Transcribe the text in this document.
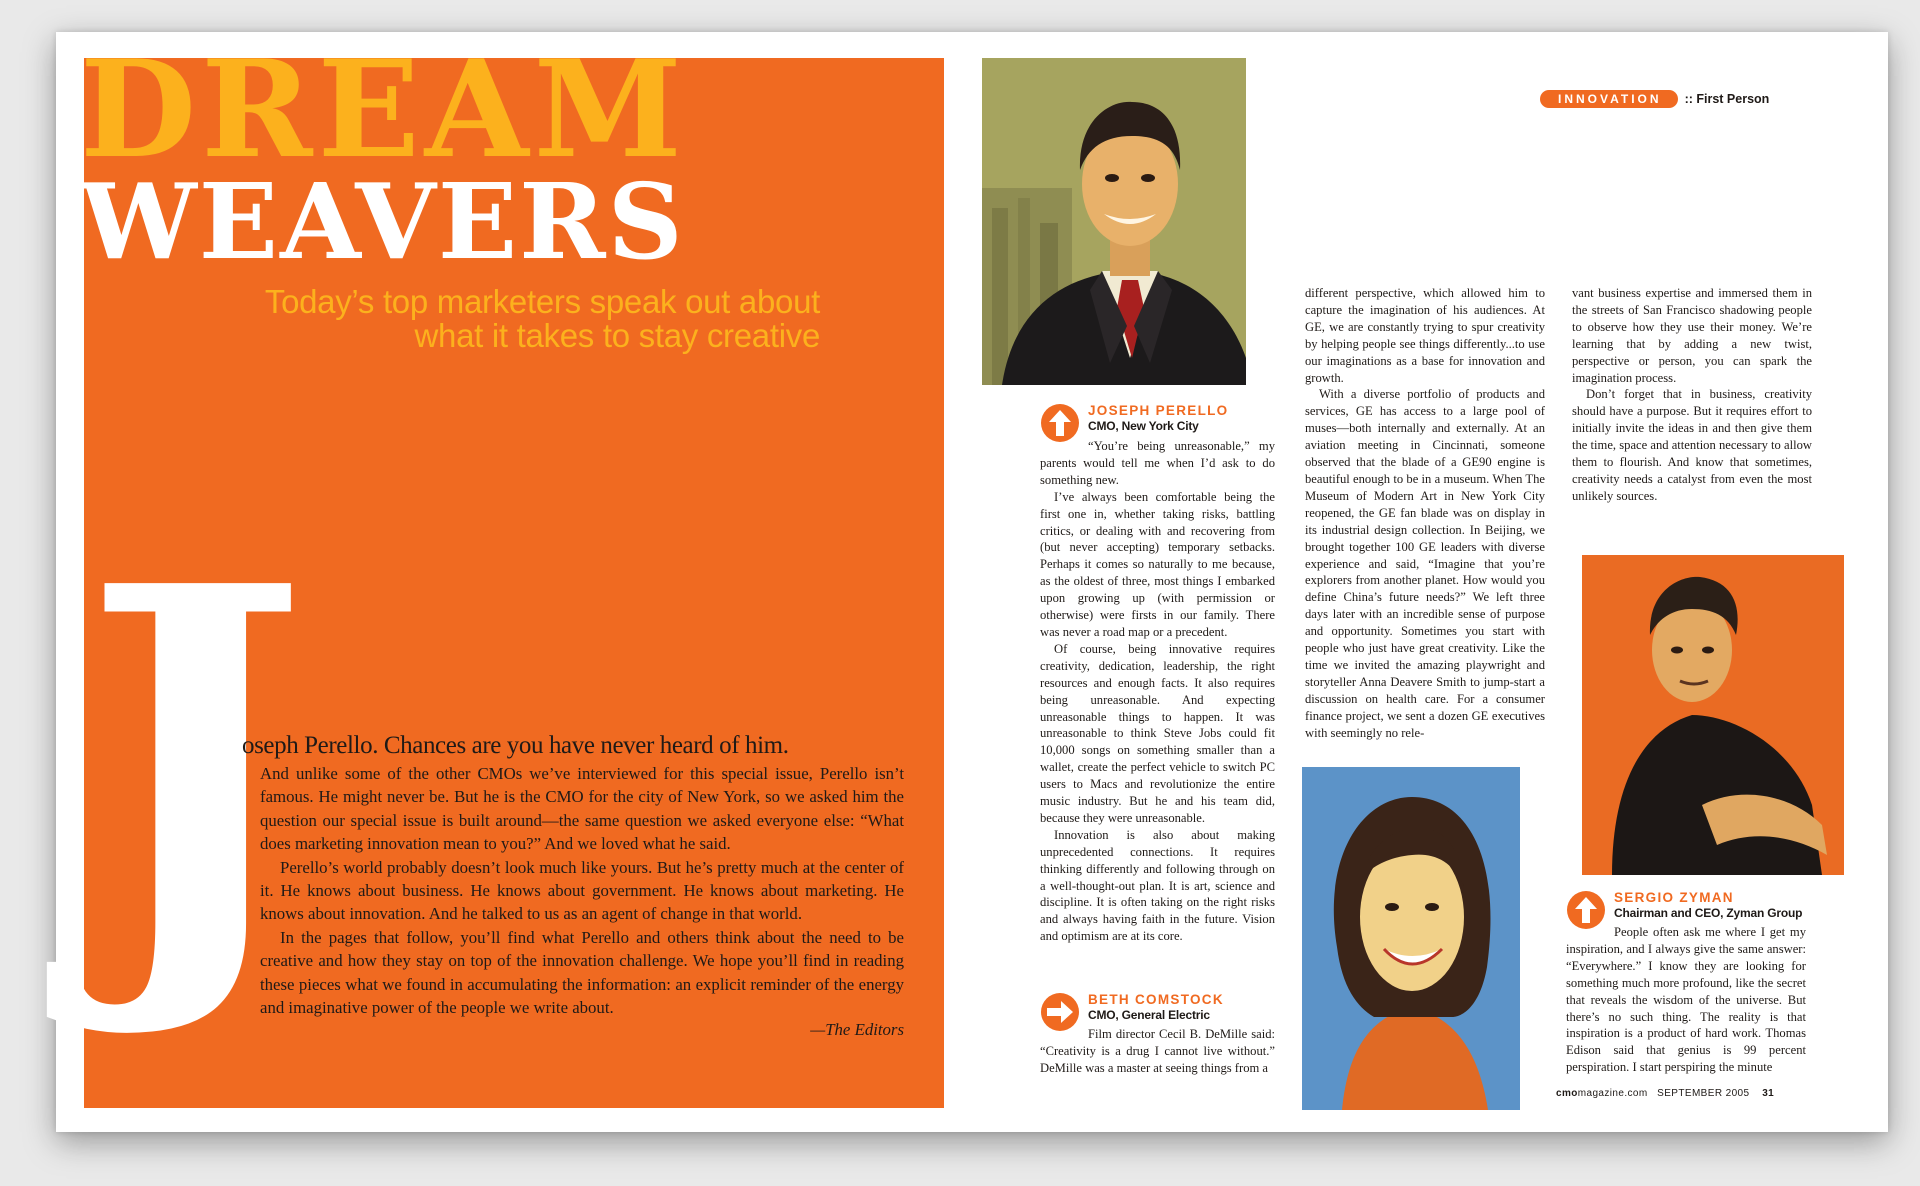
DREAM
WEAVERS
Today’s top marketers speak out about what it takes to stay creative
J
oseph Perello. Chances are you have never heard of him.

And unlike some of the other CMOs we’ve interviewed for this special issue, Perello isn’t famous. He might never be. But he is the CMO for the city of New York, so we asked him the question our special issue is built around—the same question we asked everyone else: “What does marketing innovation mean to you?” And we loved what he said.

Perello’s world probably doesn’t look much like yours. But he’s pretty much at the center of it. He knows about business. He knows about government. He knows about marketing. He knows about innovation. And he talked to us as an agent of change in that world.

In the pages that follow, you’ll find what Perello and others think about the need to be creative and how they stay on top of the innovation challenge. We hope you’ll find in reading these pieces what we found in accumulating the information: an explicit reminder of the energy and imaginative power of the people we write about.

—The Editors
INNOVATION	:: First Person
JOSEPH PERELLO
CMO, New York City

“You’re being unreasonable,” my parents would tell me when I’d ask to do something new.

I’ve always been comfortable being the first one in, whether taking risks, battling critics, or dealing with and recovering from (but never accepting) temporary setbacks. Perhaps it comes so naturally to me because, as the oldest of three, most things I embarked upon growing up (with permission or otherwise) were firsts in our family. There was never a road map or a precedent.

Of course, being innovative requires creativity, dedication, leadership, the right resources and enough facts. It also requires being unreasonable. And expecting unreasonable things to happen. It was unreasonable to think Steve Jobs could fit 10,000 songs on something smaller than a wallet, create the perfect vehicle to switch PC users to Macs and revolutionize the entire music industry. But he and his team did, because they were unreasonable.

Innovation is also about making unprecedented connections. It requires thinking differently and following through on a well-thought-out plan. It is art, science and discipline. It is often taking on the right risks and always having faith in the future. Vision and optimism are at its core.

BETH COMSTOCK
CMO, General Electric

Film director Cecil B. DeMille said: “Creativity is a drug I cannot live without.” DeMille was a master at seeing things from a

different perspective, which allowed him to capture the imagination of his audiences. At GE, we are constantly trying to spur creativity by helping people see things differently...to use our imaginations as a base for innovation and growth.

With a diverse portfolio of products and services, GE has access to a large pool of muses—both internally and externally. At an aviation meeting in Cincinnati, someone observed that the blade of a GE90 engine is beautiful enough to be in a museum. When The Museum of Modern Art in New York City reopened, the GE fan blade was on display in its industrial design collection. In Beijing, we brought together 100 GE leaders with diverse experience and said, “Imagine that you’re explorers from another planet. How would you define China’s future needs?” We left three days later with an incredible sense of purpose and opportunity. Sometimes you start with people who just have great creativity. Like the time we invited the amazing playwright and storyteller Anna Deavere Smith to jump-start a discussion on health care. For a consumer finance project, we sent a dozen GE executives with seemingly no rele-

vant business expertise and immersed them in the streets of San Francisco shadowing people to observe how they use their money. We’re learning that by adding a new twist, perspective or person, you can spark the imagination process.

Don’t forget that in business, creativity should have a purpose. But it requires effort to initially invite the ideas in and then give them the time, space and attention necessary to allow them to flourish. And know that sometimes, creativity needs a catalyst from even the most unlikely sources.

SERGIO ZYMAN
Chairman and CEO, Zyman Group

People often ask me where I get my inspiration, and I always give the same answer: “Everywhere.” I know they are looking for something much more profound, like the secret that reveals the wisdom of the universe. But there’s no such thing. The reality is that inspiration is a product of hard work. Thomas Edison said that genius is 99 percent perspiration. I start perspiring the minute

cmomagazine.com SEPTEMBER 2005 31
